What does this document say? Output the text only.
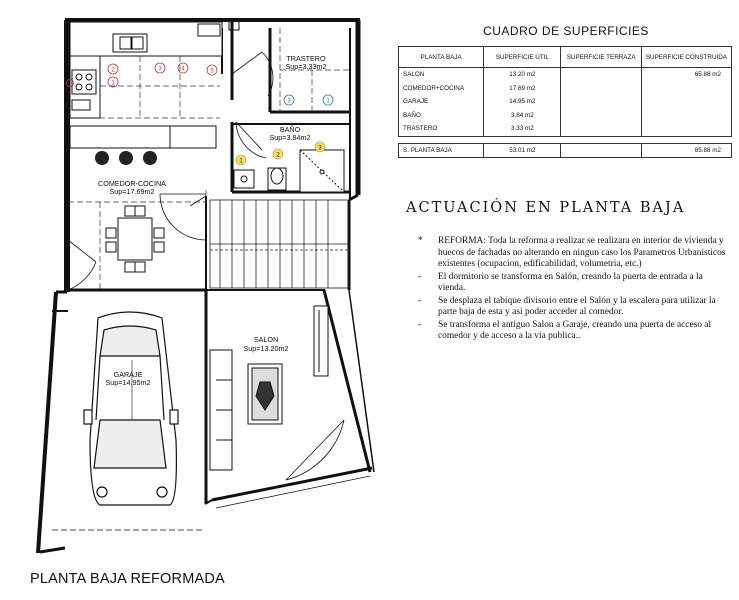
1
2	3	4	5
3	1
1
2
3
TRASTERO
Sup=3.33m2
BAÑO
Sup=3.84m2
COMEDOR-COCINA
Sup=17.69m2
GARAJE
Sup=14.95m2
SALON
Sup=13.20m2
CUADRO DE SUPERFICIES
PLANTA BAJA	SUPERFICIE ÚTIL	SUPERFICIE TERRAZA	SUPERFICIE CONSTRUIDA
SALON	13.20 m2		65.88 m2
COMEDOR+COCINA	17.69 m2		
GARAJE	14.95 m2		
BAÑO	3.84 m2		
TRASTERO	3.33 m2		

S. PLANTA BAJA	53.01 m2		65.88 m2
ACTUACIÓN EN PLANTA BAJA
* REFORMA: Toda la reforma a realizar se realizara en interior de vivienda y huecos de fachadas no alterando en ningun caso los Parametros Urbanisticos existentes (ocupacion, edificabilidad, volumetria, etc.)
- El dormitorio se transforma en Salón, creando la puerta de entrada a la vienda.
- Se desplaza el tabique divisorio entre el Salón y la escalera para utilizar la parte baja de esta y asi poder acceder al comedor.
- Se transforma el antiguo Salon a Garaje, creando una puerta de acceso al comedor y de acceso a la via publica..
PLANTA BAJA REFORMADA
